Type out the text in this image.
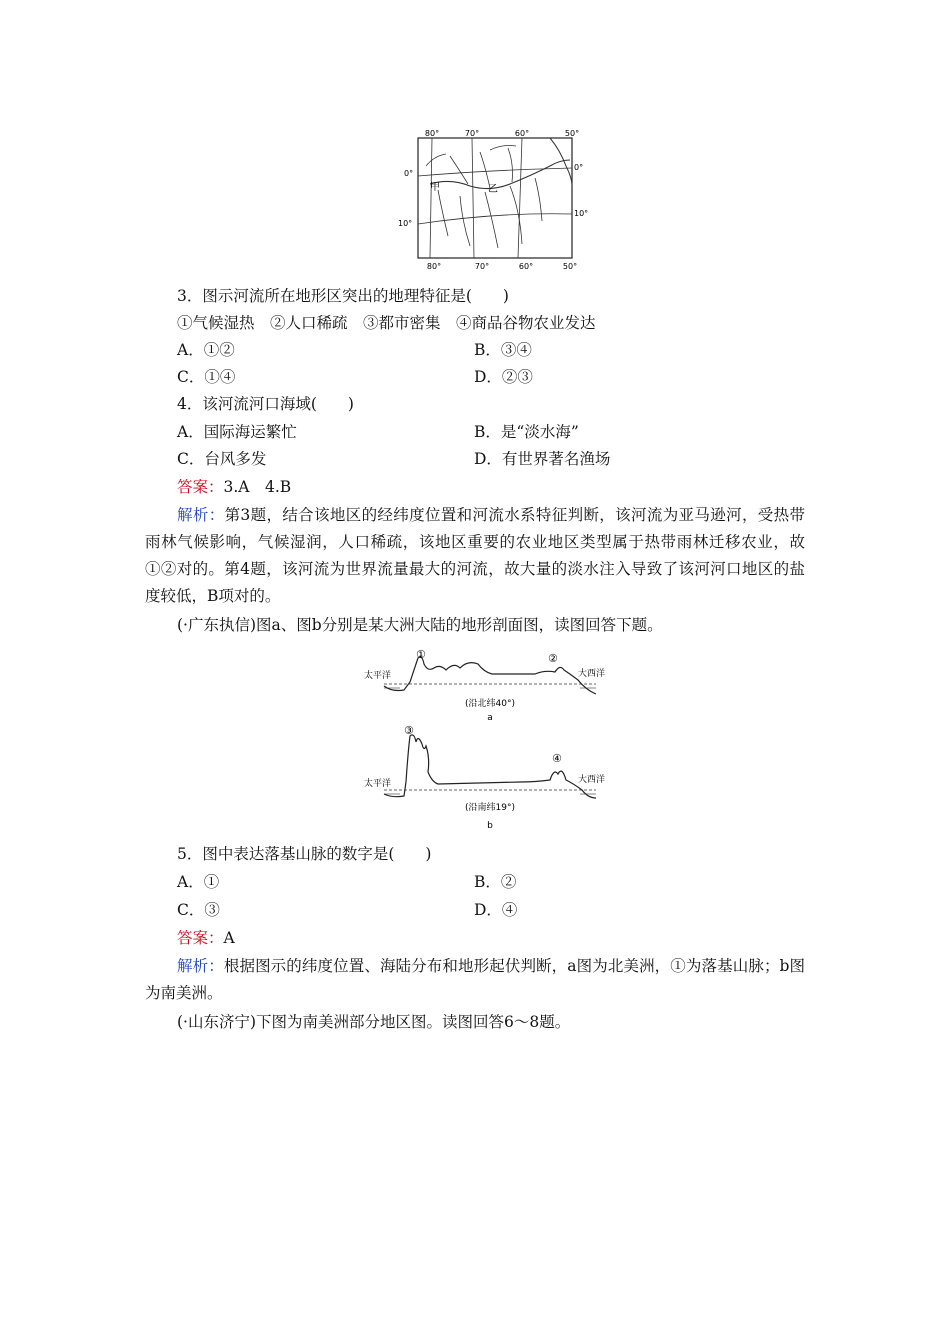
80°	70°	60°	50°
80°	70°	60°	50°
0°
10°
0°
10°
甲	乙
3．图示河流所在地形区突出的地理特征是(　　)
①气候湿热　②人口稀疏　③都市密集　④商品谷物农业发达
A．①②	B．③④
C．①④	D．②③
4．该河流河口海域(　　)
A．国际海运繁忙	B．是“淡水海”
C．台风多发	D．有世界著名渔场
答案：3.A　4.B
解析：第3题，结合该地区的经纬度位置和河流水系特征判断，该河流为亚马逊河，受热带雨林气候影响，气候湿润，人口稀疏，该地区重要的农业地区类型属于热带雨林迁移农业，故①②对的。第4题，该河流为世界流量最大的河流，故大量的淡水注入导致了该河河口地区的盐度较低，B项对的。
(·广东执信)图a、图b分别是某大洲大陆的地形剖面图，读图回答下题。
太平洋	大西洋
①	②
(沿北纬40°)
a
太平洋	大西洋
③
④
(沿南纬19°)
b
5．图中表达落基山脉的数字是(　　)
A．①	B．②
C．③	D．④
答案：A
解析：根据图示的纬度位置、海陆分布和地形起伏判断，a图为北美洲，①为落基山脉；b图为南美洲。
(·山东济宁)下图为南美洲部分地区图。读图回答6～8题。
